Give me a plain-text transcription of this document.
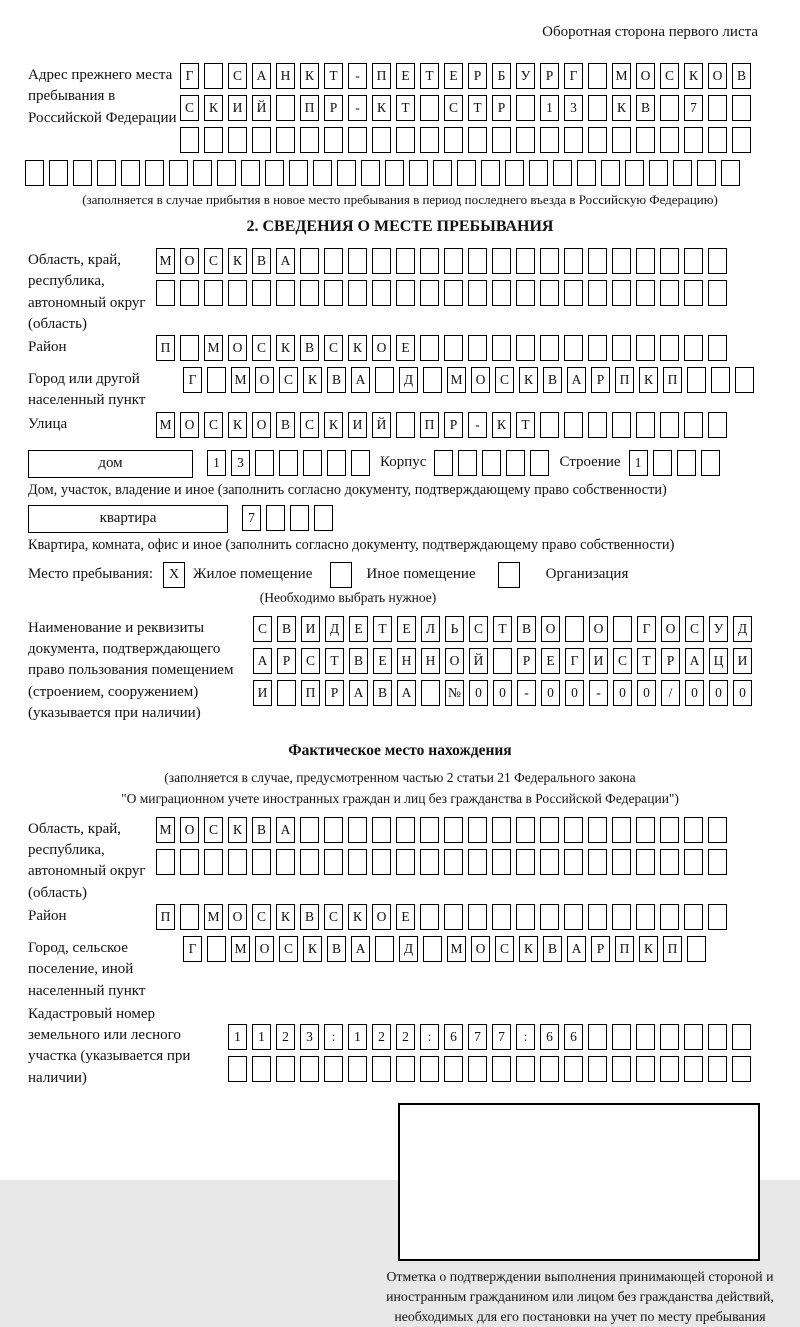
Оборотная сторона первого листа
Адрес прежнего места пребывания в Российской Федерации
Г	С	А	Н	К	Т	-	П	Е	Т	Е	Р	Б	У	Р	Г	М О	С	К	О	В
С	К	И	Й	П	Р	-	К	Т	С	Т	Р	1	3	К	В	7
(заполняется в случае прибытия в новое место пребывания в период последнего въезда в Российскую Федерацию)
2. СВЕДЕНИЯ О МЕСТЕ ПРЕБЫВАНИЯ
Область, край, республика, автономный округ (область)
М О	С	К	В	А
Район	П	М О	С	К	В	С	К	О	Е
Город или другой населенный пункт
Г	М О	С	К	В	А	Д	М О	С	К	В	А	Р	П	К	П
Улица	М О	С	К	О	В	С	К	И	Й	П	Р	-	К	Т
дом	1	3	Корпус	Строение	1
Дом, участок, владение и иное (заполнить согласно документу, подтверждающему право собственности)
квартира	7
Квартира, комната, офис и иное (заполнить согласно документу, подтверждающему право собственности)
Место пребывания:	X Жилое помещение	Иное помещение	Организация
(Необходимо выбрать нужное)
Наименование и реквизиты документа, подтверждающего право пользования помещением (строением, сооружением) (указывается при наличии)
С	В	И	Д	Е	Т	Е	Л	Ь	С	Т	В	О	О	Г	О	С	У	Д
А	Р	С	Т	В	Е	Н	Н	О	Й	Р	Е	Г	И	С	Т	Р	А	Ц	И
И	П	Р	А	В	А	№	0	0	-	0	0	-	0	0	/	0	0	0
Фактическое место нахождения
(заполняется в случае, предусмотренном частью 2 статьи 21 Федерального закона
"О миграционном учете иностранных граждан и лиц без гражданства в Российской Федерации")
Область, край, республика, автономный округ (область)
М О	С	К	В	А
Район	П	М О	С	К	В	С	К	О	Е
Город, сельское поселение, иной населенный пункт
Г	М О	С	К	В	А	Д	М О	С	К	В	А	Р	П	К	П
Кадастровый номер земельного или лесного участка (указывается при наличии)
1	1	2	3	:	1	2	2	:	6	7	7	:	6	6
Отметка о подтверждении выполнения принимающей стороной и иностранным гражданином или лицом без гражданства действий, необходимых для его постановки на учет по месту пребывания
